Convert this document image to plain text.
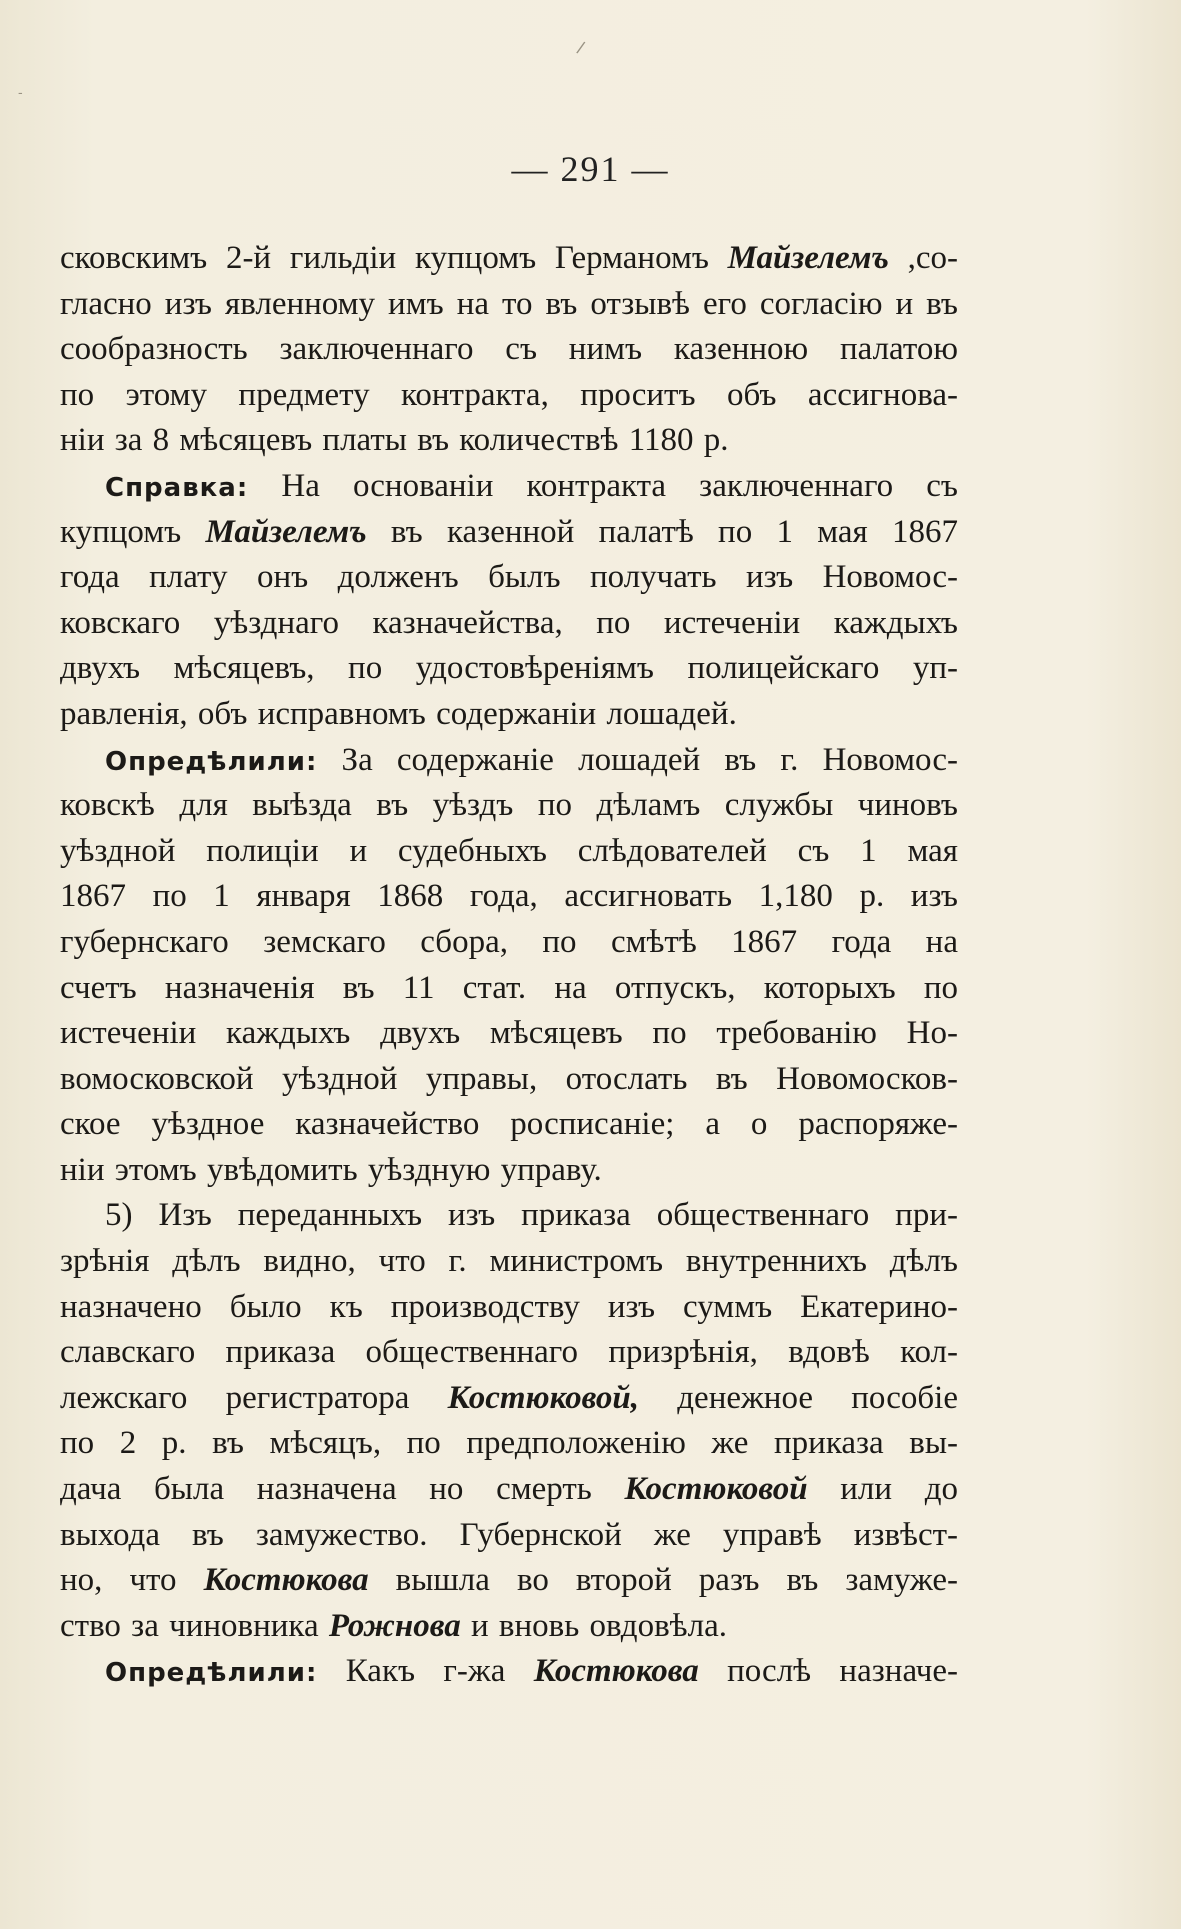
— 291 —
/
-
сковскимъ 2-й гильдiи купцомъ Германомъ Майзелемъ ,со-
гласно изъ явленному имъ на то въ отзывѣ его согласiю и въ
сообразность заключеннаго съ нимъ казенною палатою
по этому предмету контракта, проситъ объ ассигнова-
нiи за 8 мѣсяцевъ платы въ количествѣ 1180 р.
Справка: На основанiи контракта заключеннаго съ
купцомъ Майзелемъ въ казенной палатѣ по 1 мая 1867
года плату онъ долженъ былъ получать изъ Новомос-
ковскаго уѣзднаго казначейства, по истеченiи каждыхъ
двухъ мѣсяцевъ, по удостовѣренiямъ полицейскаго уп-
равленiя, объ исправномъ содержанiи лошадей.
Опредѣлили: За содержанiе лошадей въ г. Новомос-
ковскѣ для выѣзда въ уѣздъ по дѣламъ службы чиновъ
уѣздной полицiи и судебныхъ слѣдователей съ 1 мая
1867 по 1 января 1868 года, ассигновать 1,180 р. изъ
губернскаго земскаго сбора, по смѣтѣ 1867 года на
счетъ назначенiя въ 11 стат. на отпускъ, которыхъ по
истеченiи каждыхъ двухъ мѣсяцевъ по требованiю Но-
вомосковской уѣздной управы, отослать въ Новомосков-
ское уѣздное казначейство росписанiе; а о распоряже-
нiи этомъ увѣдомить уѣздную управу.
5) Изъ переданныхъ изъ приказа общественнаго при-
зрѣнiя дѣлъ видно, что г. министромъ внутреннихъ дѣлъ
назначено было къ производству изъ суммъ Екатерино-
славскаго приказа общественнаго призрѣнiя, вдовѣ кол-
лежскаго регистратора Костюковой, денежное пособiе
по 2 р. въ мѣсяцъ, по предположенiю же приказа вы-
дача была назначена но смерть Костюковой или до
выхода въ замужество. Губернской же управѣ извѣст-
но, что Костюкова вышла во второй разъ въ замуже-
ство за чиновника Рожнова и вновь овдовѣла.
Опредѣлили: Какъ г-жа Костюкова послѣ назначе-
